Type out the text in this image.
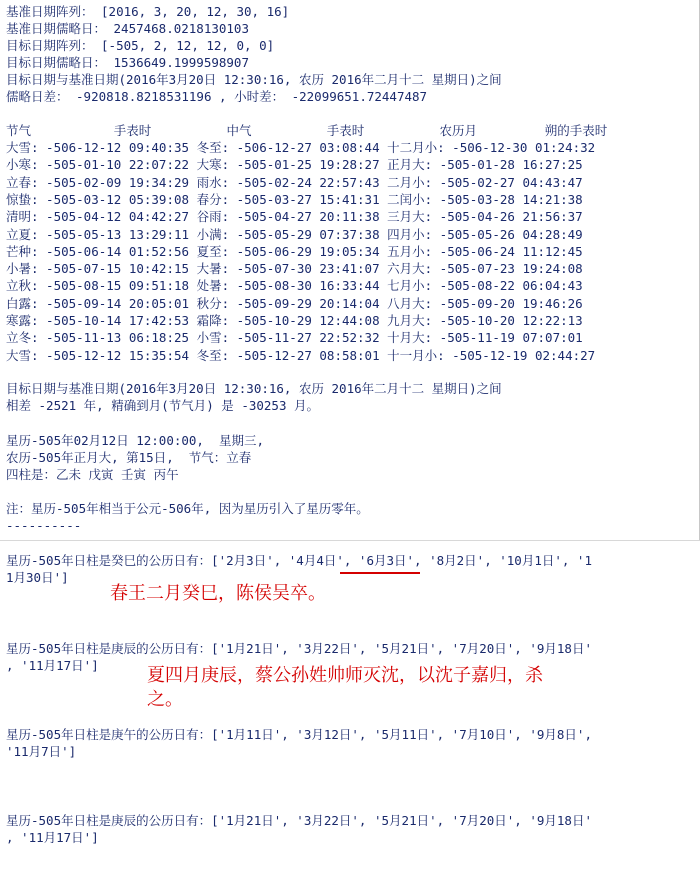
基准日期阵列： [2016, 3, 20, 12, 30, 16]
基准日期儒略日： 2457468.0218130103
目标日期阵列： [-505, 2, 12, 12, 0, 0]
目标日期儒略日： 1536649.1999598907
目标日期与基准日期(2016年3月20日 12:30:16, 农历 2016年二月十二 星期日)之间
儒略日差： -920818.8218531196 , 小时差： -22099651.72447487
节气           手表时          中气          手表时          农历月         朔的手表时
大雪: -506-12-12 09:40:35 冬至: -506-12-27 03:08:44 十二月小: -506-12-30 01:24:32
小寒: -505-01-10 22:07:22 大寒: -505-01-25 19:28:27 正月大: -505-01-28 16:27:25
立春: -505-02-09 19:34:29 雨水: -505-02-24 22:57:43 二月小: -505-02-27 04:43:47
惊蛰: -505-03-12 05:39:08 春分: -505-03-27 15:41:31 二闰小: -505-03-28 14:21:38
清明: -505-04-12 04:42:27 谷雨: -505-04-27 20:11:38 三月大: -505-04-26 21:56:37
立夏: -505-05-13 13:29:11 小满: -505-05-29 07:37:38 四月小: -505-05-26 04:28:49
芒种: -505-06-14 01:52:56 夏至: -505-06-29 19:05:34 五月小: -505-06-24 11:12:45
小暑: -505-07-15 10:42:15 大暑: -505-07-30 23:41:07 六月大: -505-07-23 19:24:08
立秋: -505-08-15 09:51:18 处暑: -505-08-30 16:33:44 七月小: -505-08-22 06:04:43
白露: -505-09-14 20:05:01 秋分: -505-09-29 20:14:04 八月大: -505-09-20 19:46:26
寒露: -505-10-14 17:42:53 霜降: -505-10-29 12:44:08 九月大: -505-10-20 12:22:13
立冬: -505-11-13 06:18:25 小雪: -505-11-27 22:52:32 十月大: -505-11-19 07:07:01
大雪: -505-12-12 15:35:54 冬至: -505-12-27 08:58:01 十一月小: -505-12-19 02:44:27
目标日期与基准日期(2016年3月20日 12:30:16, 农历 2016年二月十二 星期日)之间
相差 -2521 年, 精确到月(节气月) 是 -30253 月。
星历-505年02月12日 12:00:00,  星期三,
农历-505年正月大, 第15日,  节气：立春
四柱是：乙未 戊寅 壬寅 丙午
注：星历-505年相当于公元-506年, 因为星历引入了星历零年。
----------
星历-505年日柱是癸巳的公历日有：['2月3日', '4月4日', '6月3日', '8月2日', '10月1日', '1
1月30日']
春王二月癸巳，陈侯吴卒。
星历-505年日柱是庚辰的公历日有：['1月21日', '3月22日', '5月21日', '7月20日', '9月18日'
, '11月17日']	夏四月庚辰，蔡公孙姓帅师灭沈，以沈子嘉归，杀
之。
星历-505年日柱是庚午的公历日有：['1月11日', '3月12日', '5月11日', '7月10日', '9月8日',
'11月7日']
星历-505年日柱是庚辰的公历日有：['1月21日', '3月22日', '5月21日', '7月20日', '9月18日'
, '11月17日']
